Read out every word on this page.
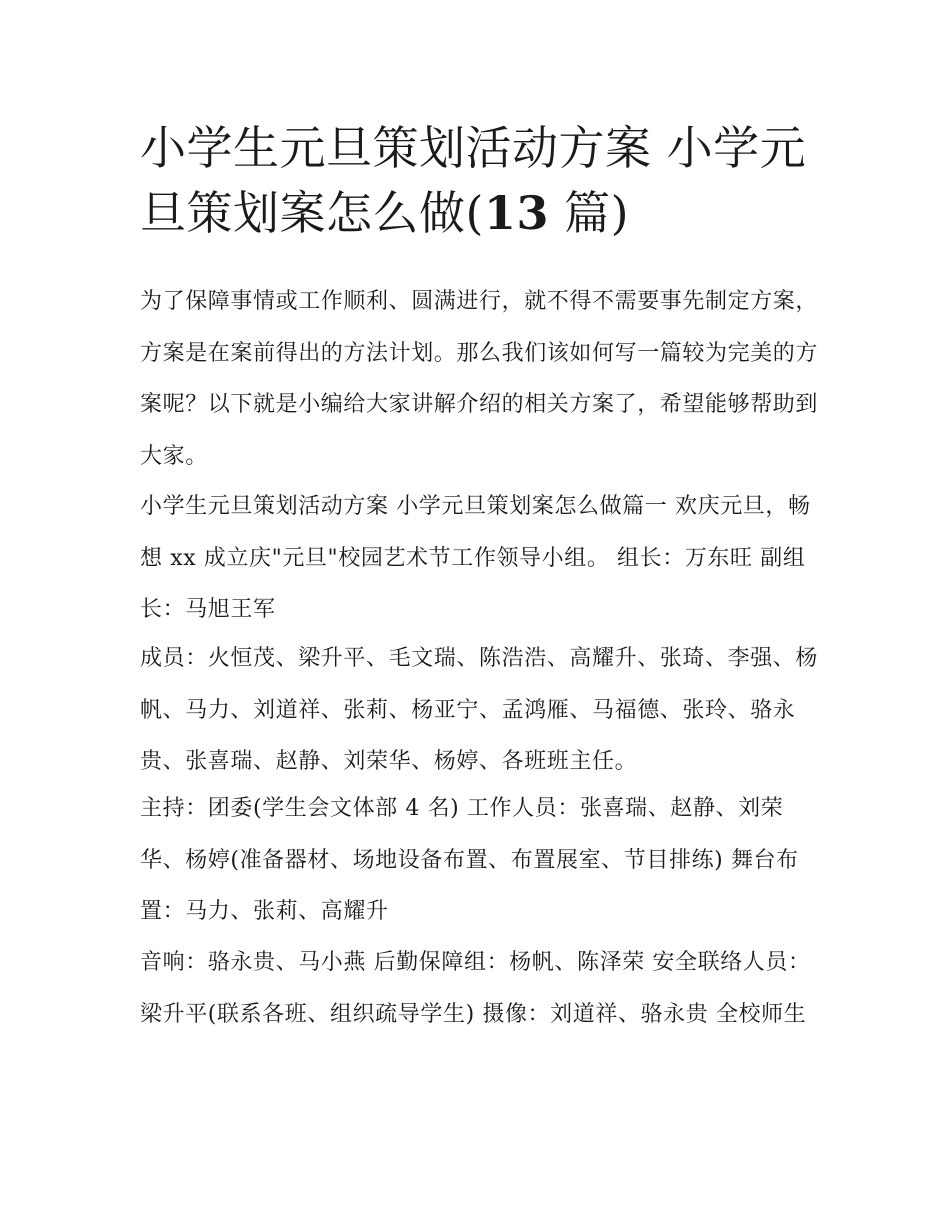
小学生元旦策划活动方案 小学元旦策划案怎么做(13 篇)

为了保障事情或工作顺利、圆满进行，就不得不需要事先制定方案，方案是在案前得出的方法计划。那么我们该如何写一篇较为完美的方案呢？以下就是小编给大家讲解介绍的相关方案了，希望能够帮助到大家。

小学生元旦策划活动方案 小学元旦策划案怎么做篇一 欢庆元旦，畅想 xx 成立庆"元旦"校园艺术节工作领导小组。 组长：万东旺 副组长：马旭王军

成员：火恒茂、梁升平、毛文瑞、陈浩浩、高耀升、张琦、李强、杨帆、马力、刘道祥、张莉、杨亚宁、孟鸿雁、马福德、张玲、骆永贵、张喜瑞、赵静、刘荣华、杨婷、各班班主任。

主持：团委(学生会文体部 4 名) 工作人员：张喜瑞、赵静、刘荣华、杨婷(准备器材、场地设备布置、布置展室、节目排练) 舞台布置：马力、张莉、高耀升

音响：骆永贵、马小燕 后勤保障组：杨帆、陈泽荣 安全联络人员：梁升平(联系各班、组织疏导学生) 摄像：刘道祥、骆永贵 全校师生
